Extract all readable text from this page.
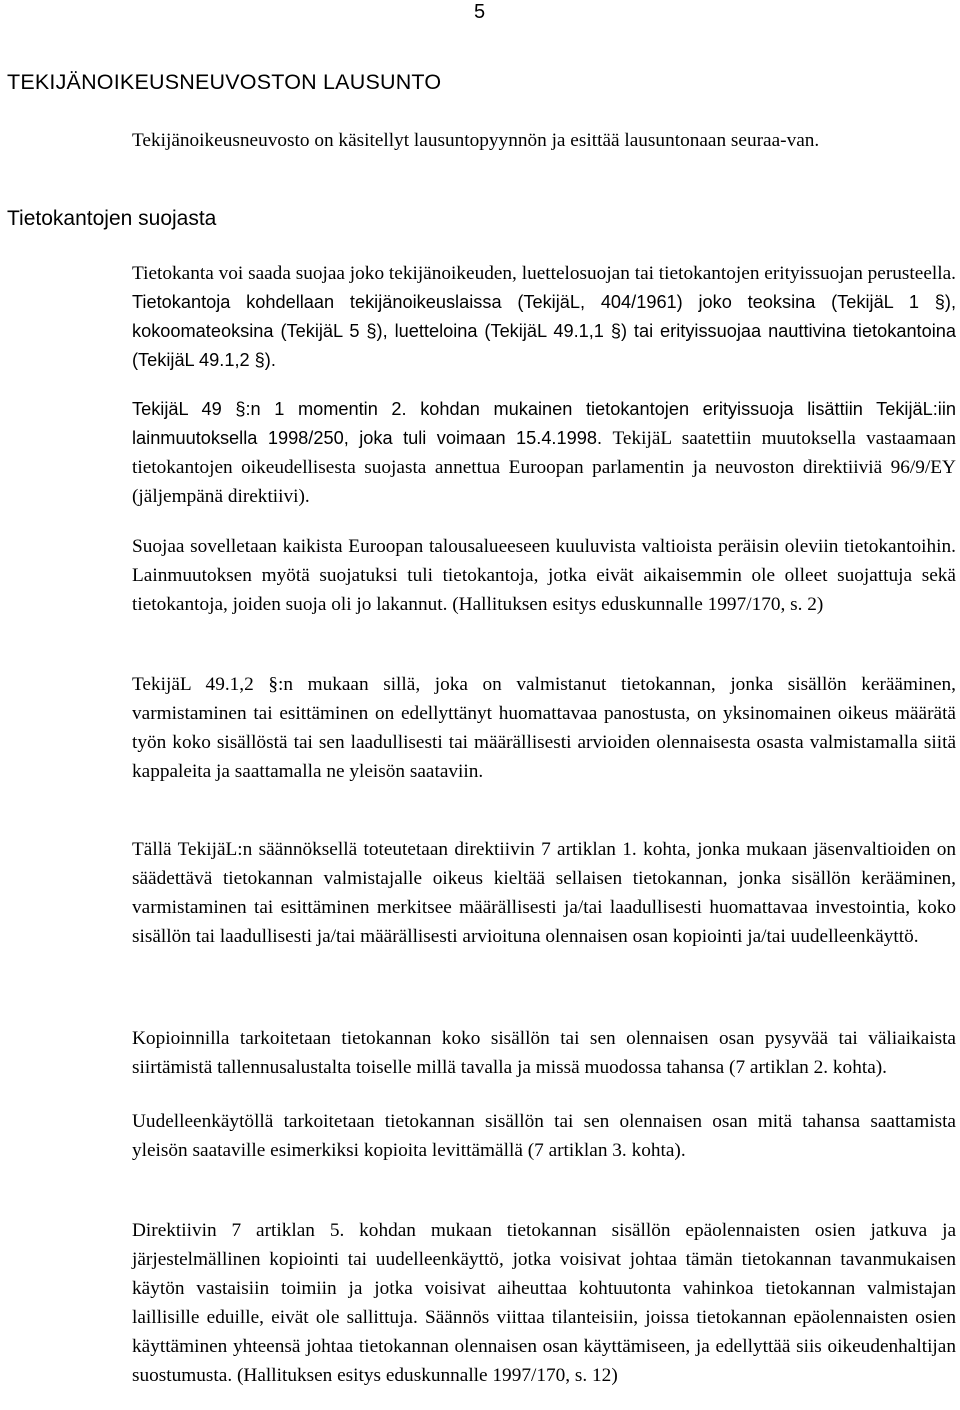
5
TEKIJÄNOIKEUSNEUVOSTON LAUSUNTO

Tekijänoikeusneuvosto on käsitellyt lausuntopyynnön ja esittää lausuntonaan seuraa-van.

Tietokantojen suojasta

Tietokanta voi saada suojaa joko tekijänoikeuden, luettelosuojan tai tietokantojen erityissuojan perusteella. Tietokantoja kohdellaan tekijänoikeuslaissa (TekijäL, 404/1961) joko teoksina (TekijäL 1 §), kokoomateoksina (TekijäL 5 §), luetteloina (TekijäL 49.1,1 §) tai erityissuojaa nauttivina tietokantoina (TekijäL 49.1,2 §).

TekijäL 49 §:n 1 momentin 2. kohdan mukainen tietokantojen erityissuoja lisättiin TekijäL:iin lainmuutoksella 1998/250, joka tuli voimaan 15.4.1998. TekijäL saatettiin muutoksella vastaamaan tietokantojen oikeudellisesta suojasta annettua Euroopan parlamentin ja neuvoston direktiiviä 96/9/EY (jäljempänä direktiivi).

Suojaa sovelletaan kaikista Euroopan talousalueeseen kuuluvista valtioista peräisin oleviin tietokantoihin. Lainmuutoksen myötä suojatuksi tuli tietokantoja, jotka eivät aikaisemmin ole olleet suojattuja sekä tietokantoja, joiden suoja oli jo lakannut. (Hallituksen esitys eduskunnalle 1997/170, s. 2)

TekijäL 49.1,2 §:n mukaan sillä, joka on valmistanut tietokannan, jonka sisällön kerääminen, varmistaminen tai esittäminen on edellyttänyt huomattavaa panostusta, on yksinomainen oikeus määrätä työn koko sisällöstä tai sen laadullisesti tai määrällisesti arvioiden olennaisesta osasta valmistamalla siitä kappaleita ja saattamalla ne yleisön saataviin.

Tällä TekijäL:n säännöksellä toteutetaan direktiivin 7 artiklan 1. kohta, jonka mukaan jäsenvaltioiden on säädettävä tietokannan valmistajalle oikeus kieltää sellaisen tietokannan, jonka sisällön kerääminen, varmistaminen tai esittäminen merkitsee määrällisesti ja/tai laadullisesti huomattavaa investointia, koko sisällön tai laadullisesti ja/tai määrällisesti arvioituna olennaisen osan kopiointi ja/tai uudelleenkäyttö.

Kopioinnilla tarkoitetaan tietokannan koko sisällön tai sen olennaisen osan pysyvää tai väliaikaista siirtämistä tallennusalustalta toiselle millä tavalla ja missä muodossa tahansa (7 artiklan 2. kohta).

Uudelleenkäytöllä tarkoitetaan tietokannan sisällön tai sen olennaisen osan mitä tahansa saattamista yleisön saataville esimerkiksi kopioita levittämällä (7 artiklan 3. kohta).

Direktiivin 7 artiklan 5. kohdan mukaan tietokannan sisällön epäolennaisten osien jatkuva ja järjestelmällinen kopiointi tai uudelleenkäyttö, jotka voisivat johtaa tämän tietokannan tavanmukaisen käytön vastaisiin toimiin ja jotka voisivat aiheuttaa kohtuutonta vahinkoa tietokannan valmistajan laillisille eduille, eivät ole sallittuja. Säännös viittaa tilanteisiin, joissa tietokannan epäolennaisten osien käyttäminen yhteensä johtaa tietokannan olennaisen osan käyttämiseen, ja edellyttää siis oikeudenhaltijan suostumusta. (Hallituksen esitys eduskunnalle 1997/170, s. 12)
